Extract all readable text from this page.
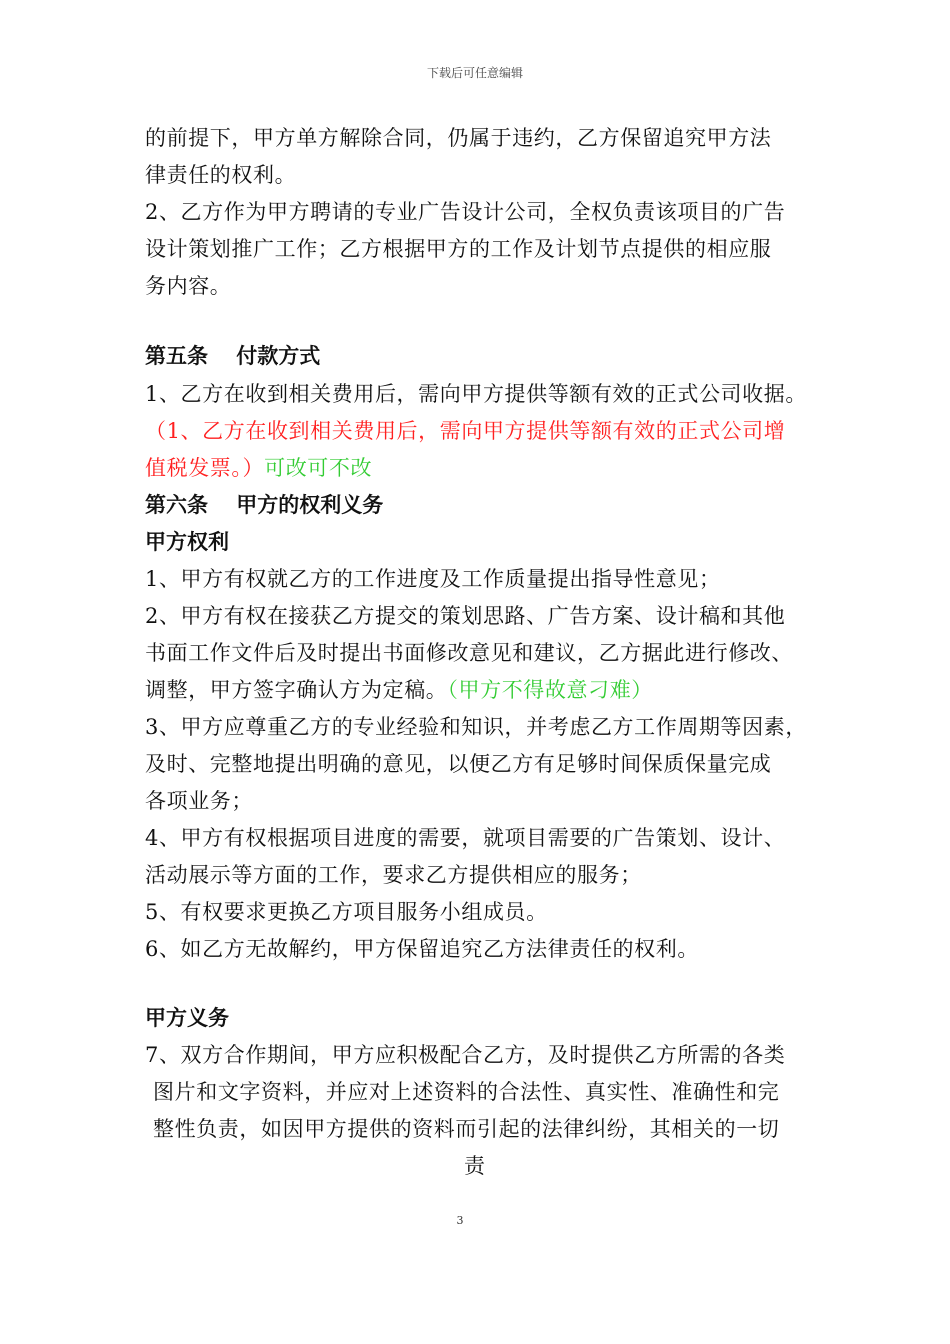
下载后可任意编辑
的前提下，甲方单方解除合同，仍属于违约，乙方保留追究甲方法
律责任的权利。
2、乙方作为甲方聘请的专业广告设计公司，全权负责该项目的广告
设计策划推广工作；乙方根据甲方的工作及计划节点提供的相应服
务内容。
第五条　 付款方式
1、乙方在收到相关费用后，需向甲方提供等额有效的正式公司收据。
（1、乙方在收到相关费用后，需向甲方提供等额有效的正式公司增
值税发票。）可改可不改
第六条　 甲方的权利义务
甲方权利
1、甲方有权就乙方的工作进度及工作质量提出指导性意见；
2、甲方有权在接获乙方提交的策划思路、广告方案、设计稿和其他
书面工作文件后及时提出书面修改意见和建议，乙方据此进行修改、
调整，甲方签字确认方为定稿。（甲方不得故意刁难）
3、甲方应尊重乙方的专业经验和知识，并考虑乙方工作周期等因素，
及时、完整地提出明确的意见，以便乙方有足够时间保质保量完成
各项业务；
4、甲方有权根据项目进度的需要，就项目需要的广告策划、设计、
活动展示等方面的工作，要求乙方提供相应的服务；
5、有权要求更换乙方项目服务小组成员。
6、如乙方无故解约，甲方保留追究乙方法律责任的权利。
甲方义务
7、双方合作期间，甲方应积极配合乙方，及时提供乙方所需的各类
图片和文字资料，并应对上述资料的合法性、真实性、准确性和完
整性负责，如因甲方提供的资料而引起的法律纠纷，其相关的一切
责
3
